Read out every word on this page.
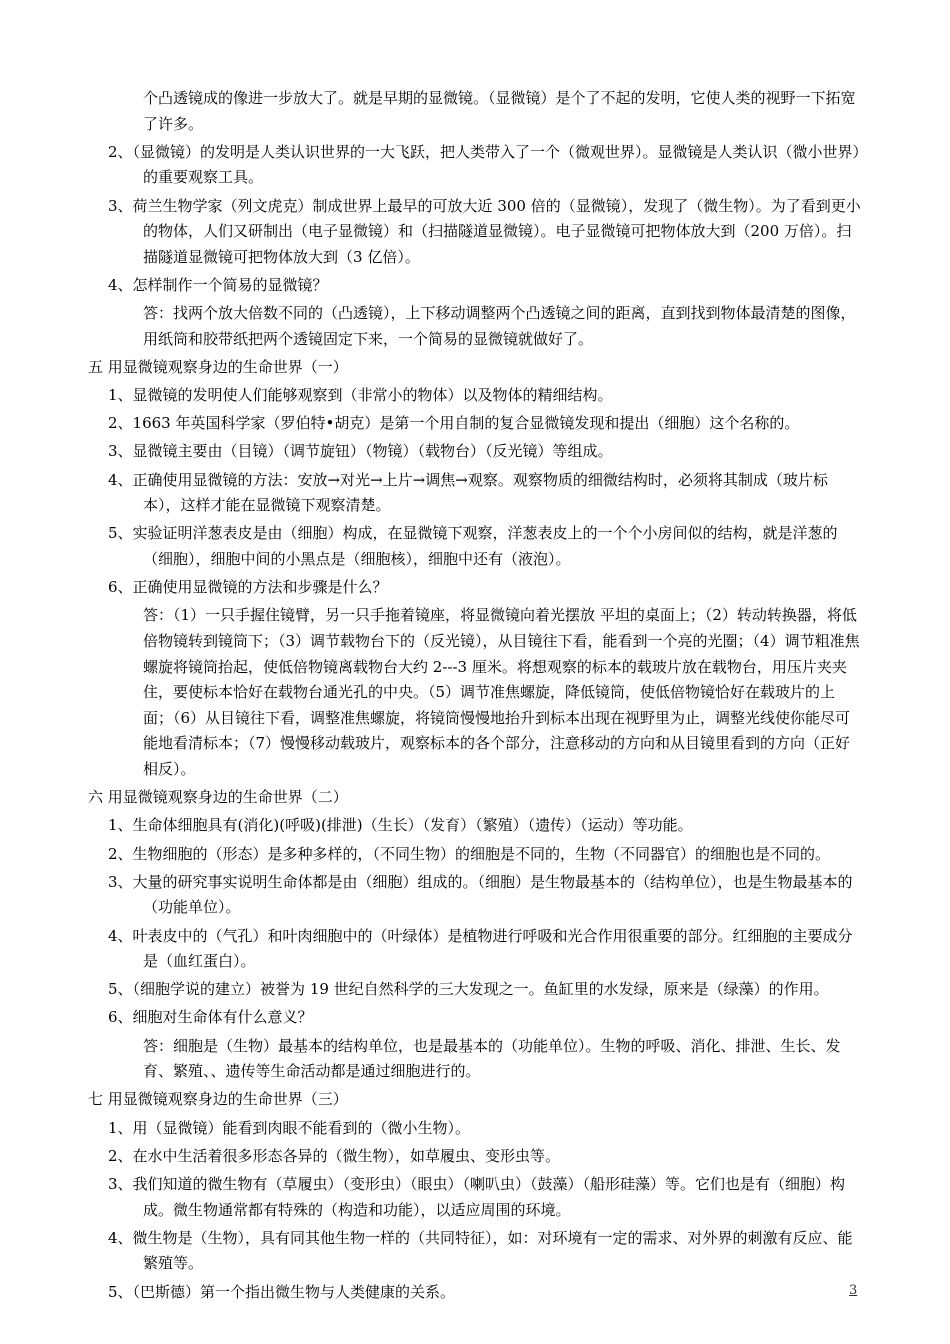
个凸透镜成的像进一步放大了。就是早期的显微镜。（显微镜）是个了不起的发明，它使人类的视野一下拓宽了许多。

2、（显微镜）的发明是人类认识世界的一大飞跃，把人类带入了一个（微观世界）。显微镜是人类认识（微小世界）的重要观察工具。

3、荷兰生物学家（列文虎克）制成世界上最早的可放大近 300 倍的（显微镜），发现了（微生物）。为了看到更小的物体，人们又研制出（电子显微镜）和（扫描隧道显微镜）。电子显微镜可把物体放大到（200 万倍）。扫描隧道显微镜可把物体放大到（3 亿倍）。

4、怎样制作一个简易的显微镜？

答：找两个放大倍数不同的（凸透镜），上下移动调整两个凸透镜之间的距离，直到找到物体最清楚的图像，用纸筒和胶带纸把两个透镜固定下来，一个简易的显微镜就做好了。

五 用显微镜观察身边的生命世界（一）

1、显微镜的发明使人们能够观察到（非常小的物体）以及物体的精细结构。

2、1663 年英国科学家（罗伯特•胡克）是第一个用自制的复合显微镜发现和提出（细胞）这个名称的。

3、显微镜主要由（目镜）（调节旋钮）（物镜）（载物台）（反光镜）等组成。

4、正确使用显微镜的方法：安放→对光→上片→调焦→观察。观察物质的细微结构时，必须将其制成（玻片标本），这样才能在显微镜下观察清楚。

5、实验证明洋葱表皮是由（细胞）构成，在显微镜下观察，洋葱表皮上的一个个小房间似的结构，就是洋葱的（细胞），细胞中间的小黑点是（细胞核），细胞中还有（液泡）。

6、正确使用显微镜的方法和步骤是什么？

答：（1）一只手握住镜臂，另一只手拖着镜座，将显微镜向着光摆放 平坦的桌面上；（2）转动转换器，将低倍物镜转到镜筒下；（3）调节载物台下的（反光镜），从目镜往下看，能看到一个亮的光圈；（4）调节粗准焦螺旋将镜筒抬起，使低倍物镜离载物台大约 2---3 厘米。将想观察的标本的载玻片放在载物台，用压片夹夹住，要使标本恰好在载物台通光孔的中央。（5）调节准焦螺旋，降低镜筒，使低倍物镜恰好在载玻片的上面；（6）从目镜往下看，调整准焦螺旋，将镜筒慢慢地抬升到标本出现在视野里为止，调整光线使你能尽可能地看清标本；（7）慢慢移动载玻片，观察标本的各个部分，注意移动的方向和从目镜里看到的方向（正好相反）。

六 用显微镜观察身边的生命世界（二）

1、生命体细胞具有(消化)(呼吸)(排泄)（生长）（发育）（繁殖）（遗传）（运动）等功能。

2、生物细胞的（形态）是多种多样的，（不同生物）的细胞是不同的，生物（不同器官）的细胞也是不同的。

3、大量的研究事实说明生命体都是由（细胞）组成的。（细胞）是生物最基本的（结构单位），也是生物最基本的（功能单位）。

4、叶表皮中的（气孔）和叶肉细胞中的（叶绿体）是植物进行呼吸和光合作用很重要的部分。红细胞的主要成分是（血红蛋白）。

5、（细胞学说的建立）被誉为 19 世纪自然科学的三大发现之一。鱼缸里的水发绿，原来是（绿藻）的作用。

6、细胞对生命体有什么意义？

答：细胞是（生物）最基本的结构单位，也是最基本的（功能单位）。生物的呼吸、消化、排泄、生长、发育、繁殖、、遗传等生命活动都是通过细胞进行的。

七 用显微镜观察身边的生命世界（三）

1、用（显微镜）能看到肉眼不能看到的（微小生物）。

2、在水中生活着很多形态各异的（微生物），如草履虫、变形虫等。

3、我们知道的微生物有（草履虫）（变形虫）（眼虫）（喇叭虫）（鼓藻）（船形硅藻）等。它们也是有（细胞）构成。微生物通常都有特殊的（构造和功能），以适应周围的环境。

4、微生物是（生物），具有同其他生物一样的（共同特征），如：对环境有一定的需求、对外界的刺激有反应、能繁殖等。

5、（巴斯德）第一个指出微生物与人类健康的关系。	3
